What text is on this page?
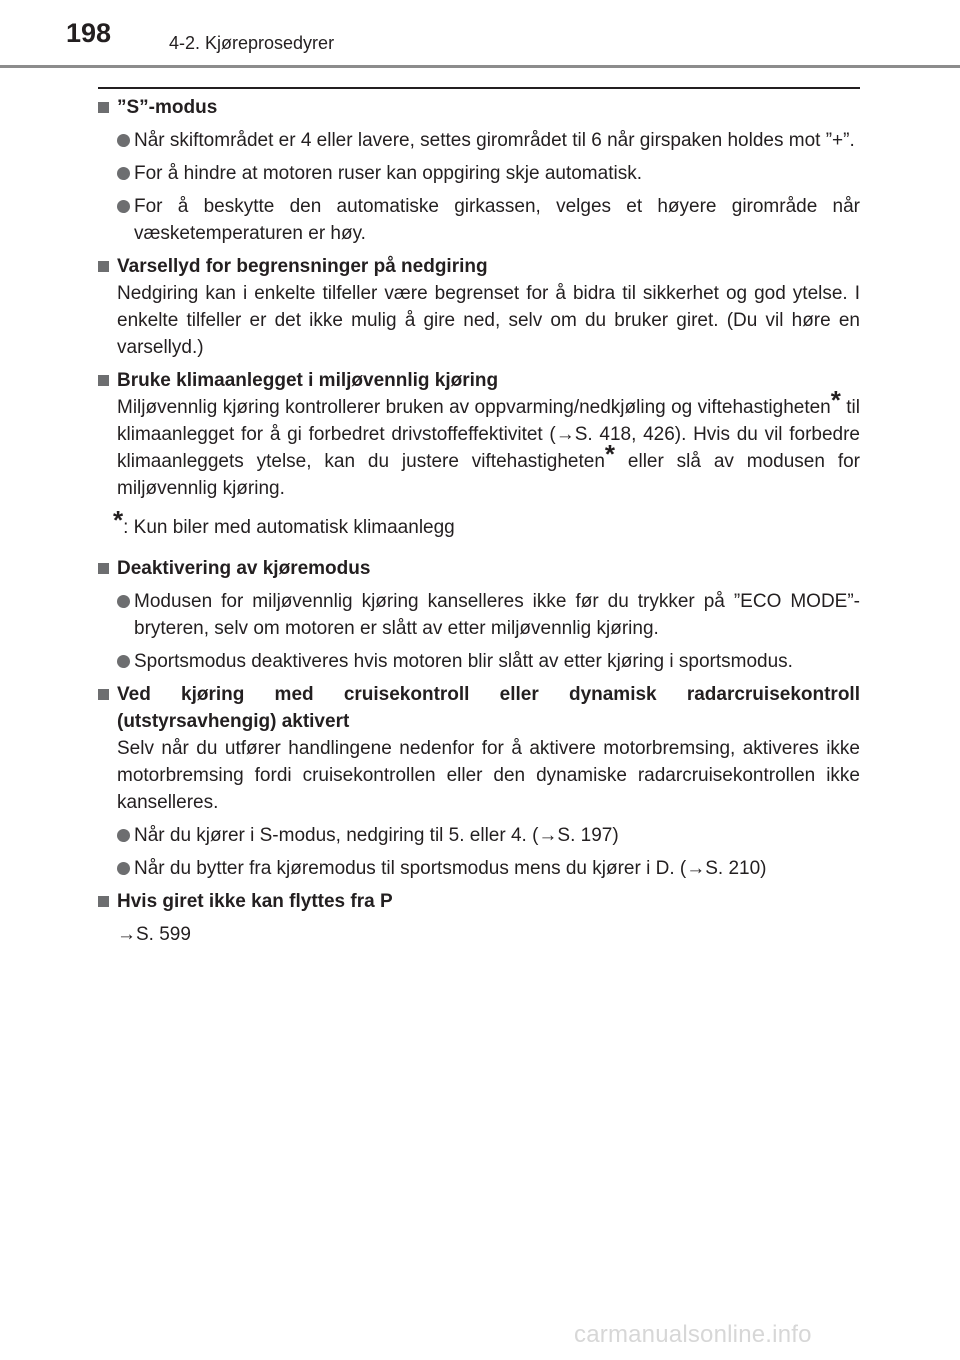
198	4-2. Kjøreprosedyrer
”S”-modus
Når skiftområdet er 4 eller lavere, settes girområdet til 6 når girspaken holdes mot ”+”.
For å hindre at motoren ruser kan oppgiring skje automatisk.
For å beskytte den automatiske girkassen, velges et høyere girområde når væsketemperaturen er høy.
Varsellyd for begrensninger på nedgiring
Nedgiring kan i enkelte tilfeller være begrenset for å bidra til sikkerhet og god ytelse. I enkelte tilfeller er det ikke mulig å gire ned, selv om du bruker giret. (Du vil høre en varsellyd.)
Bruke klimaanlegget i miljøvennlig kjøring
Miljøvennlig kjøring kontrollerer bruken av oppvarming/nedkjøling og viftehastigheten* til klimaanlegget for å gi forbedret drivstoffeffektivitet (→S. 418, 426). Hvis du vil forbedre klimaanleggets ytelse, kan du justere viftehastigheten* eller slå av modusen for miljøvennlig kjøring.
*: Kun biler med automatisk klimaanlegg
Deaktivering av kjøremodus
Modusen for miljøvennlig kjøring kanselleres ikke før du trykker på ”ECO MODE”-bryteren, selv om motoren er slått av etter miljøvennlig kjøring.
Sportsmodus deaktiveres hvis motoren blir slått av etter kjøring i sportsmodus.
Ved kjøring med cruisekontroll eller dynamisk radarcruisekontroll (utstyrsavhengig) aktivert
Selv når du utfører handlingene nedenfor for å aktivere motorbremsing, aktiveres ikke motorbremsing fordi cruisekontrollen eller den dynamiske radarcruisekontrollen ikke kanselleres.
Når du kjører i S-modus, nedgiring til 5. eller 4. (→S. 197)
Når du bytter fra kjøremodus til sportsmodus mens du kjører i D. (→S. 210)
Hvis giret ikke kan flyttes fra P
→S. 599
carmanualsonline.info
